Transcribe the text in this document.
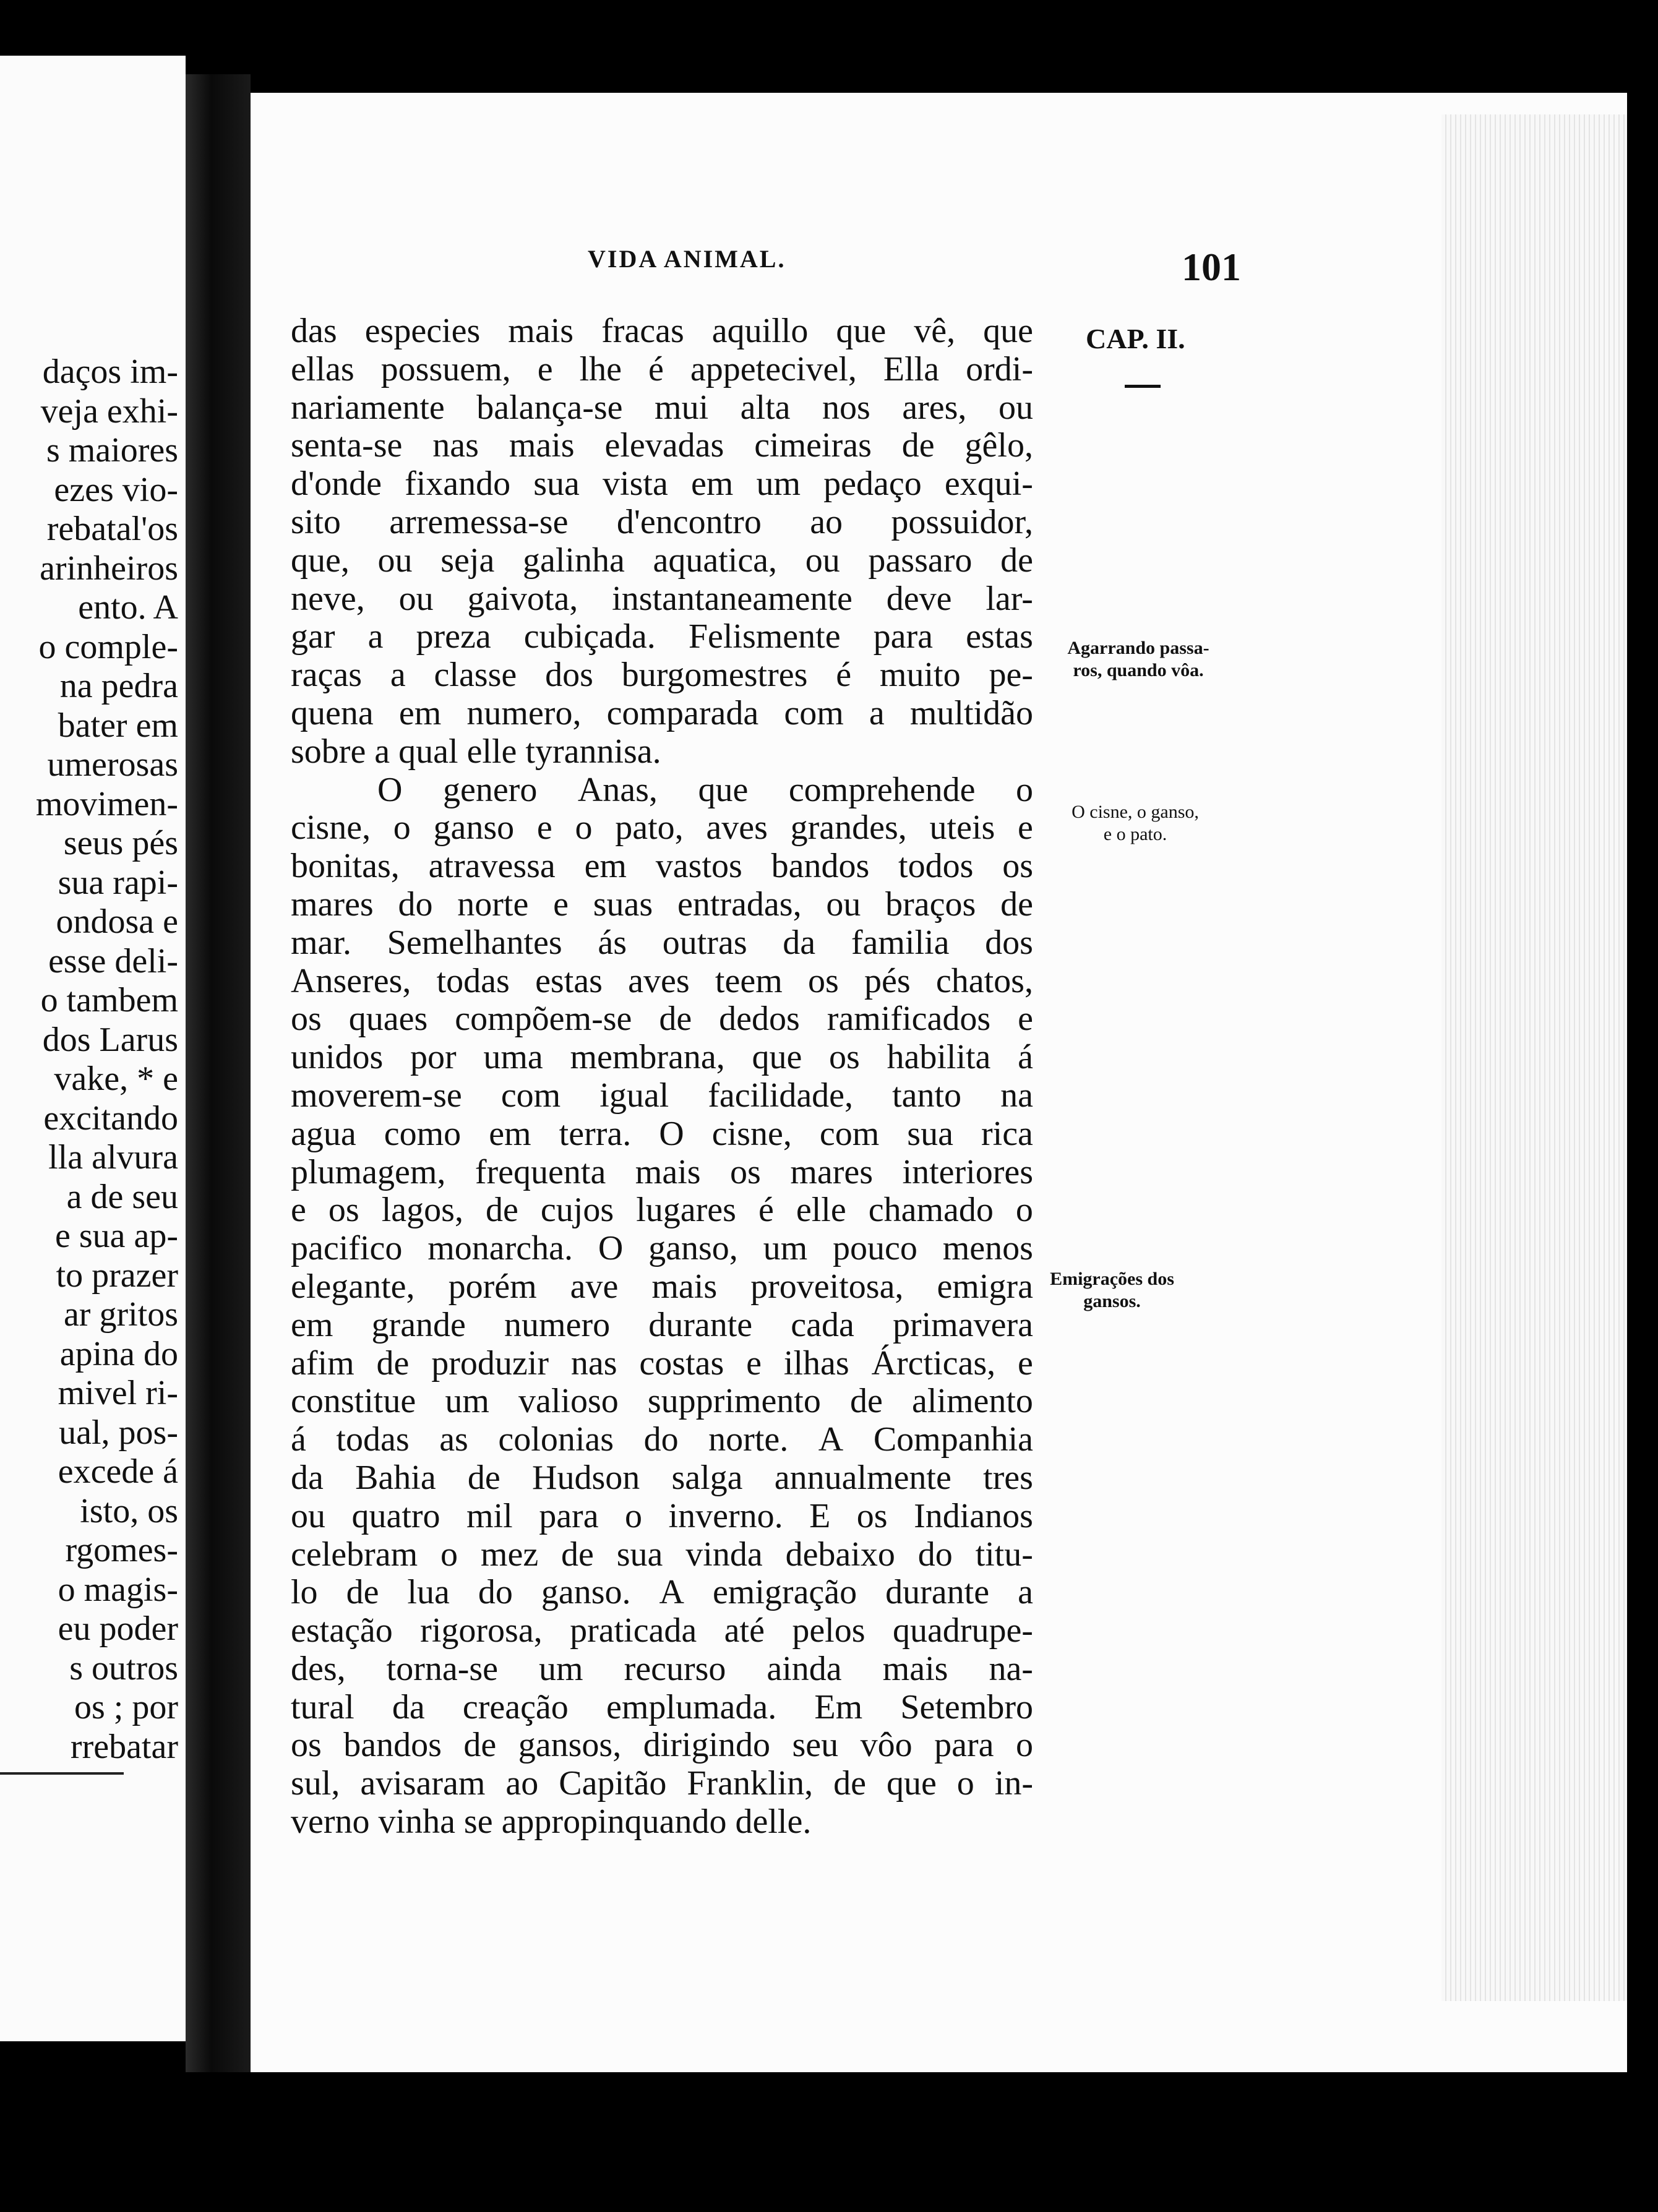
daços im-
veja exhi-
s maiores
ezes vio-
rebatal'os
arinheiros
ento. A
o comple-
na pedra
bater em
umerosas
movimen-
seus pés
sua rapi-
ondosa e
esse deli-
o tambem
dos Larus
vake, * e
excitando
lla alvura
a de seu
e sua ap-
to prazer
ar gritos
apina do
mivel ri-
ual, pos-
excede á
isto, os
rgomes-
o magis-
eu poder
s outros
os ; por
rrebatar
VIDA ANIMAL.	101
CAP. II.
Agarrando passa-
ros, quando vôa.
O cisne, o ganso,
e o pato.
Emigrações dos
gansos.
das especies mais fracas aquillo que vê, que
ellas possuem, e lhe é appetecivel, Ella ordi-
nariamente balança-se mui alta nos ares, ou
senta-se nas mais elevadas cimeiras de gêlo,
d'onde fixando sua vista em um pedaço exqui-
sito arremessa-se d'encontro ao possuidor,
que, ou seja galinha aquatica, ou passaro de
neve, ou gaivota, instantaneamente deve lar-
gar a preza cubiçada. Felismente para estas
raças a classe dos burgomestres é muito pe-
quena em numero, comparada com a multidão
sobre a qual elle tyrannisa.
O genero Anas, que comprehende o
cisne, o ganso e o pato, aves grandes, uteis e
bonitas, atravessa em vastos bandos todos os
mares do norte e suas entradas, ou braços de
mar. Semelhantes ás outras da familia dos
Anseres, todas estas aves teem os pés chatos,
os quaes compõem-se de dedos ramificados e
unidos por uma membrana, que os habilita á
moverem-se com igual facilidade, tanto na
agua como em terra. O cisne, com sua rica
plumagem, frequenta mais os mares interiores
e os lagos, de cujos lugares é elle chamado o
pacifico monarcha. O ganso, um pouco menos
elegante, porém ave mais proveitosa, emigra
em grande numero durante cada primavera
afim de produzir nas costas e ilhas Árcticas, e
constitue um valioso supprimento de alimento
á todas as colonias do norte. A Companhia
da Bahia de Hudson salga annualmente tres
ou quatro mil para o inverno. E os Indianos
celebram o mez de sua vinda debaixo do titu-
lo de lua do ganso. A emigração durante a
estação rigorosa, praticada até pelos quadrupe-
des, torna-se um recurso ainda mais na-
tural da creação emplumada. Em Setembro
os bandos de gansos, dirigindo seu vôo para o
sul, avisaram ao Capitão Franklin, de que o in-
verno vinha se appropinquando delle.
